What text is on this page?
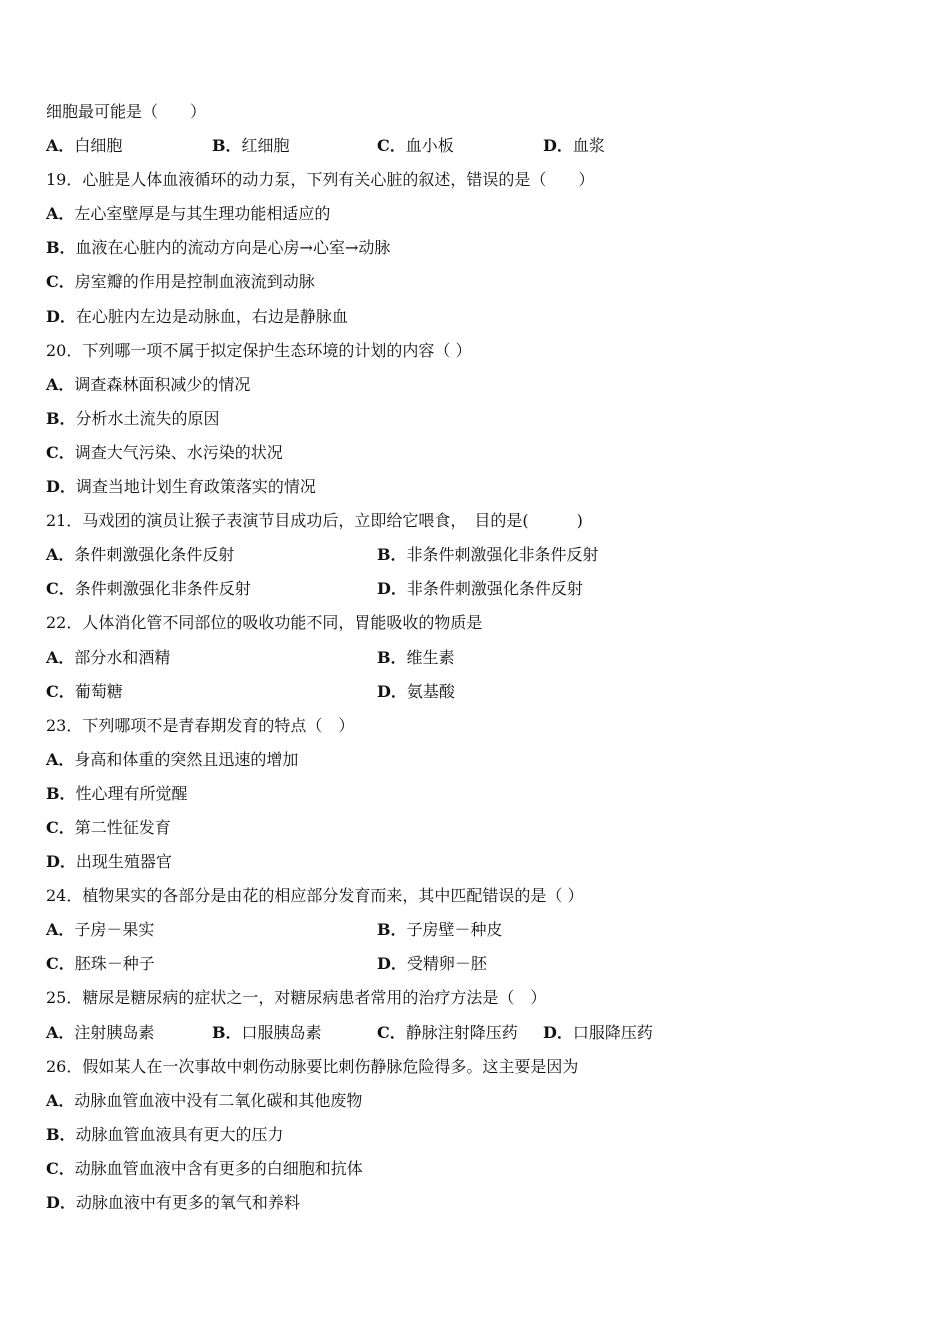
细胞最可能是（　　）
A．白细胞	B．红细胞	C．血小板	D．血浆
19．心脏是人体血液循环的动力泵，下列有关心脏的叙述，错误的是（　　）
A．左心室壁厚是与其生理功能相适应的
B．血液在心脏内的流动方向是心房→心室→动脉
C．房室瓣的作用是控制血液流到动脉
D．在心脏内左边是动脉血，右边是静脉血
20．下列哪一项不属于拟定保护生态环境的计划的内容（ ）
A．调查森林面积减少的情况
B．分析水土流失的原因
C．调查大气污染、水污染的状况
D．调查当地计划生育政策落实的情况
21．马戏团的演员让猴子表演节目成功后，立即给它喂食，　目的是(　　　)
A．条件刺激强化条件反射	B．非条件刺激强化非条件反射
C．条件刺激强化非条件反射	D．非条件刺激强化条件反射
22．人体消化管不同部位的吸收功能不同，胃能吸收的物质是
A．部分水和酒精	B．维生素
C．葡萄糖	D．氨基酸
23．下列哪项不是青春期发育的特点（　）
A．身高和体重的突然且迅速的增加
B．性心理有所觉醒
C．第二性征发育
D．出现生殖器官
24．植物果实的各部分是由花的相应部分发育而来，其中匹配错误的是（ ）
A．子房－果实	B．子房壁－种皮
C．胚珠－种子	D．受精卵－胚
25．糖尿是糖尿病的症状之一，对糖尿病患者常用的治疗方法是（　）
A．注射胰岛素	B．口服胰岛素	C．静脉注射降压药 D．口服降压药
26．假如某人在一次事故中刺伤动脉要比刺伤静脉危险得多。这主要是因为
A．动脉血管血液中没有二氧化碳和其他废物
B．动脉血管血液具有更大的压力
C．动脉血管血液中含有更多的白细胞和抗体
D．动脉血液中有更多的氧气和养料
